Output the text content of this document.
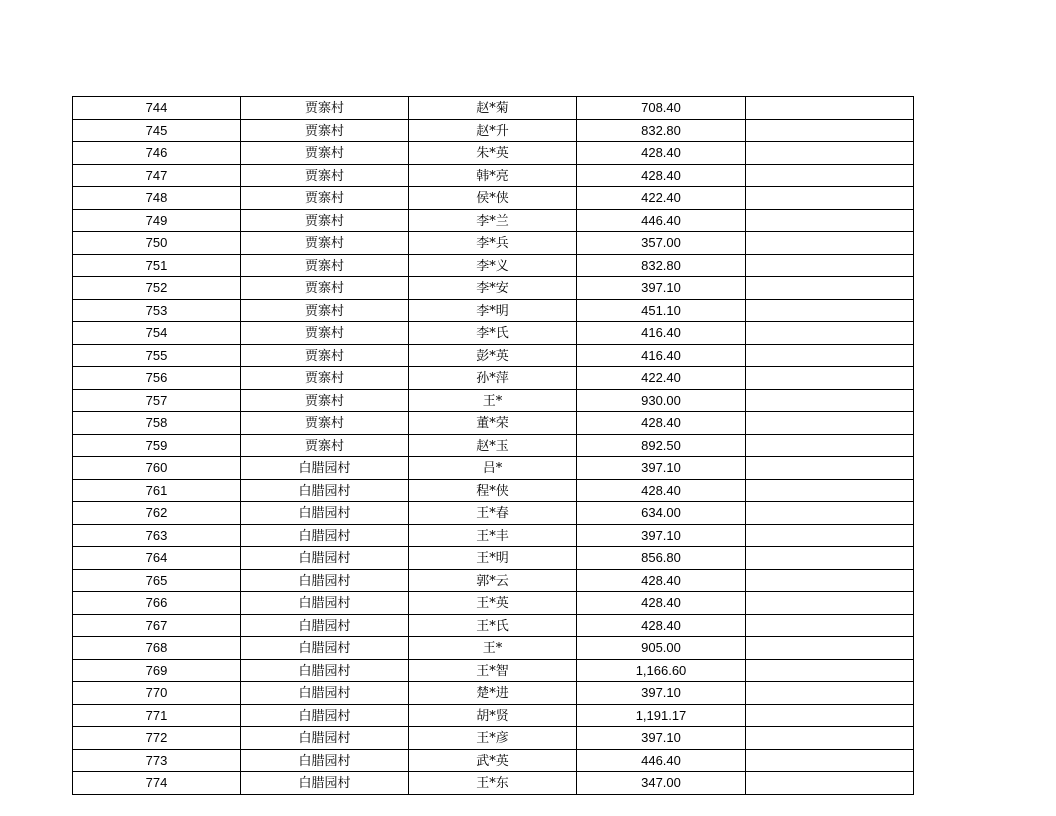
744	贾寨村	赵*菊	708.40	
745	贾寨村	赵*升	832.80	
746	贾寨村	朱*英	428.40	
747	贾寨村	韩*亮	428.40	
748	贾寨村	侯*侠	422.40	
749	贾寨村	李*兰	446.40	
750	贾寨村	李*兵	357.00	
751	贾寨村	李*义	832.80	
752	贾寨村	李*安	397.10	
753	贾寨村	李*明	451.10	
754	贾寨村	李*氏	416.40	
755	贾寨村	彭*英	416.40	
756	贾寨村	孙*萍	422.40	
757	贾寨村	王*	930.00	
758	贾寨村	董*荣	428.40	
759	贾寨村	赵*玉	892.50	
760	白腊园村	吕*	397.10	
761	白腊园村	程*侠	428.40	
762	白腊园村	王*春	634.00	
763	白腊园村	王*丰	397.10	
764	白腊园村	王*明	856.80	
765	白腊园村	郭*云	428.40	
766	白腊园村	王*英	428.40	
767	白腊园村	王*氏	428.40	
768	白腊园村	王*	905.00	
769	白腊园村	王*智	1,166.60	
770	白腊园村	楚*进	397.10	
771	白腊园村	胡*贤	1,191.17	
772	白腊园村	王*彦	397.10	
773	白腊园村	武*英	446.40	
774	白腊园村	王*东	347.00	
